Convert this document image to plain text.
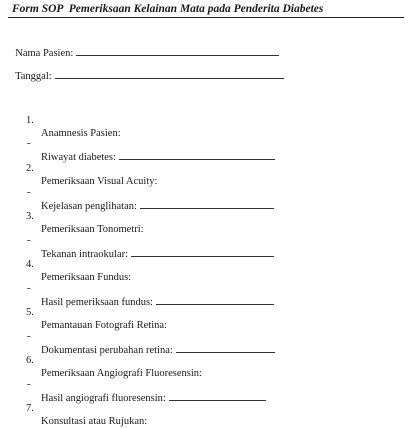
Form SOP  Pemeriksaan Kelainan Mata pada Penderita Diabetes

Nama Pasien:

Tanggal:

1.

Anamnesis Pasien:

-

Riwayat diabetes:

2.

Pemeriksaan Visual Acuity:

-

Kejelasan penglihatan:

3.

Pemeriksaan Tonometri:

-

Tekanan intraokular:

4.

Pemeriksaan Fundus:

-

Hasil pemeriksaan fundus:

5.

Pemantauan Fotografi Retina:

-

Dokumentasi perubahan retina:

6.

Pemeriksaan Angiografi Fluoresensin:

-

Hasil angiografi fluoresensin:

7.

Konsultasi atau Rujukan:
